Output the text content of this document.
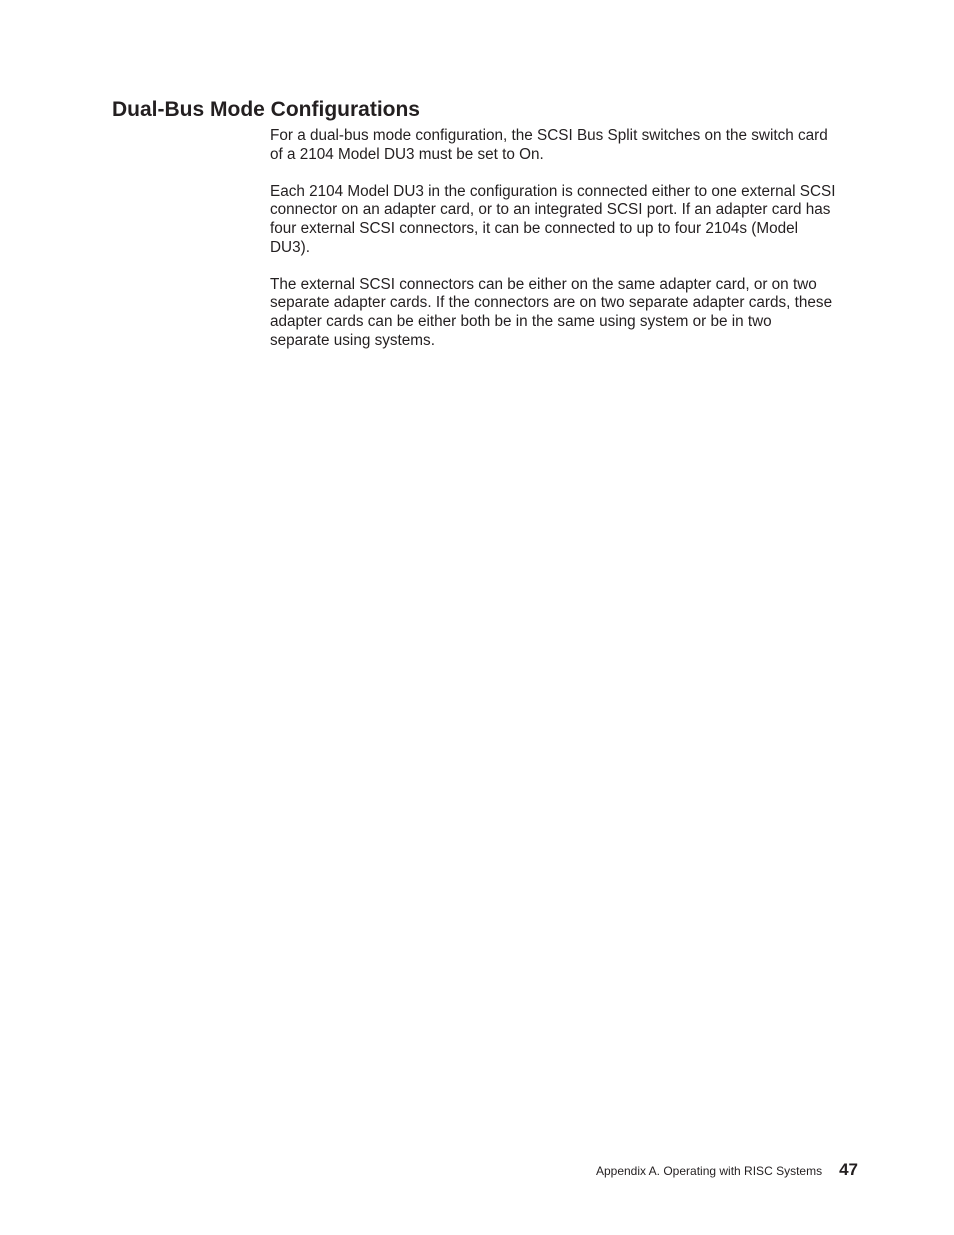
Dual-Bus Mode Configurations

For a dual-bus mode configuration, the SCSI Bus Split switches on the switch card
of a 2104 Model DU3 must be set to On.

Each 2104 Model DU3 in the configuration is connected either to one external SCSI
connector on an adapter card, or to an integrated SCSI port. If an adapter card has
four external SCSI connectors, it can be connected to up to four 2104s (Model
DU3).

The external SCSI connectors can be either on the same adapter card, or on two
separate adapter cards. If the connectors are on two separate adapter cards, these
adapter cards can be either both be in the same using system or be in two
separate using systems.

Appendix A. Operating with RISC Systems 47
